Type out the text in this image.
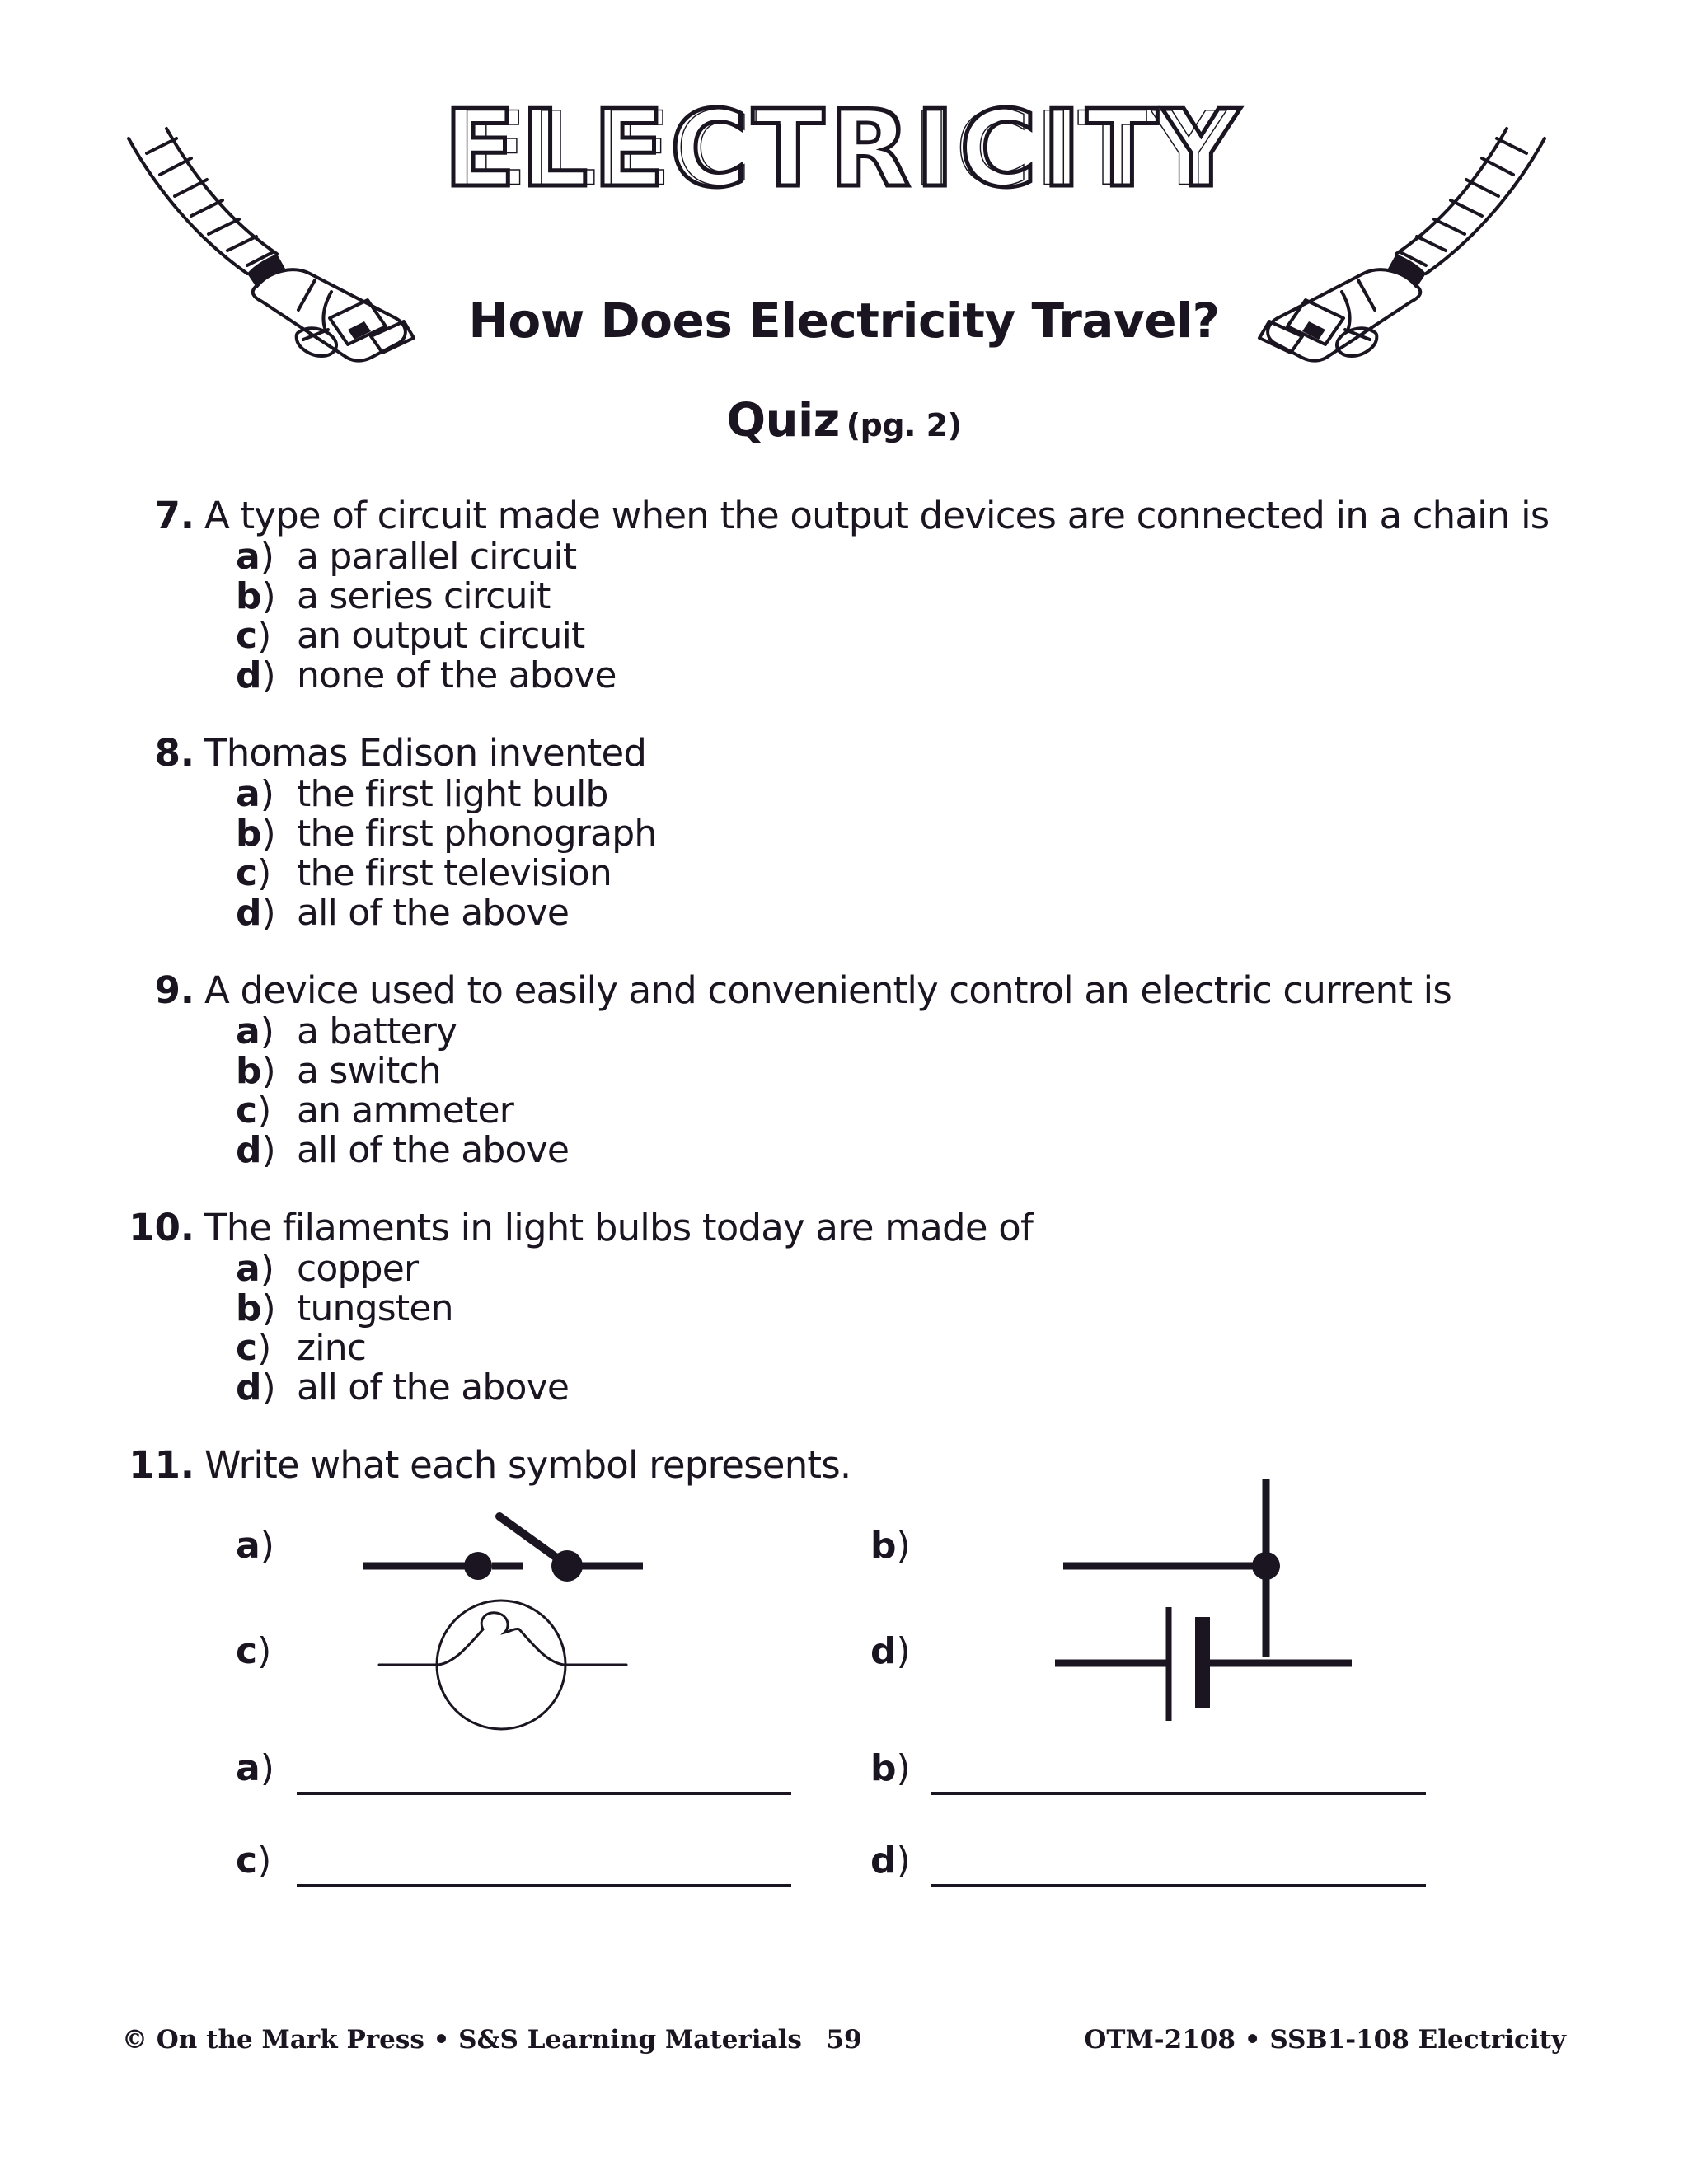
ELECTRICITY ELECTRICITY
How Does Electricity Travel?
Quiz (pg. 2)
7. A type of circuit made when the output devices are connected in a chain is
a) a parallel circuit
b) a series circuit
c) an output circuit
d) none of the above
8. Thomas Edison invented
a) the first light bulb
b) the first phonograph
c) the first television
d) all of the above
9. A device used to easily and conveniently control an electric current is
a) a battery
b) a switch
c) an ammeter
d) all of the above
10. The filaments in light bulbs today are made of
a) copper
b) tungsten
c) zinc
d) all of the above
11. Write what each symbol represents.
a)	b)
c)	d)
a)	b)
c)	d)
© On the Mark Press • S&S Learning Materials 59	OTM-2108 • SSB1-108 Electricity
